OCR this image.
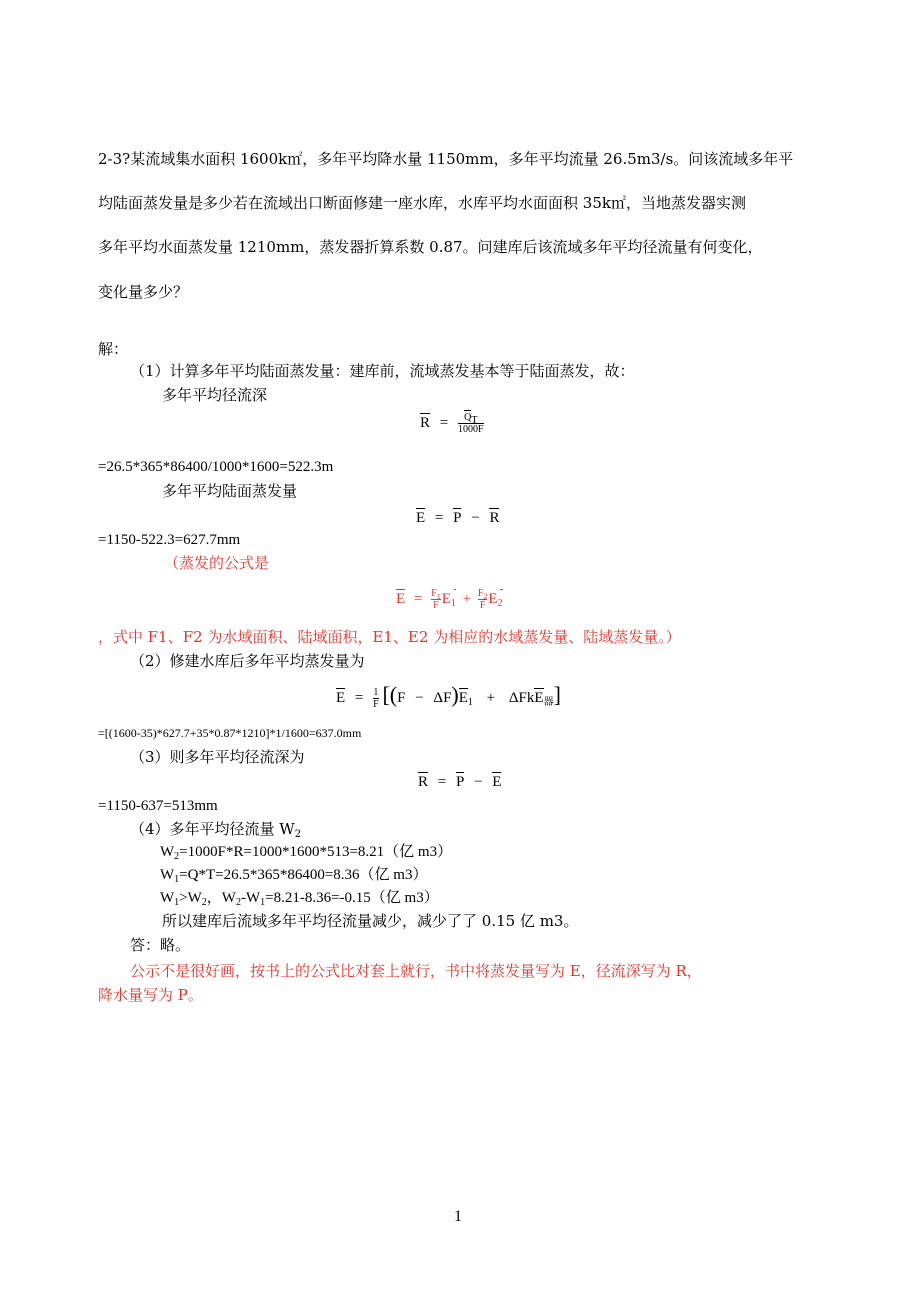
2-3?某流域集水面积 1600k㎡，多年平均降水量 1150mm，多年平均流量 26.5m3/s。问该流域多年平
均陆面蒸发量是多少若在流域出口断面修建一座水库，水库平均水面面积 35k㎡，当地蒸发器实测
多年平均水面蒸发量 1210mm，蒸发器折算系数 0.87。问建库后该流域多年平均径流量有何变化，
变化量多少？
解：
（1）计算多年平均陆面蒸发量：建库前，流域蒸发基本等于陆面蒸发，故：
多年平均径流深
$R = \frac{Q_T}{1000F}$
=26.5*365*86400/1000*1600=522.3m
多年平均陆面蒸发量
E = P − R
=1150-522.3=627.7mm
（蒸发的公式是
$E = \frac{F_1}{F} E_1 + \frac{F_2}{F} E_2$
，式中 F1、F2 为水域面积、陆域面积，E1、E2 为相应的水域蒸发量、陆域蒸发量。）
（2）修建水库后多年平均蒸发量为
$E = \frac{1}{F} [(F - \Delta F)$
$E_1 + \Delta Fk$
$E_器$]
=[(1600-35)*627.7+35*0.87*1210]*1/1600=637.0mm
（3）则多年平均径流深为
R = P − E
=1150-637=513mm
（4）多年平均径流量 $W_2$
$W_2=1000F*R=1000*1600*513=8.21$（亿 m3）
$W_1=Q*T=26.5*365*86400=8.36$（亿 m3）
$W_1>W_2$，$W_2-W_1=8.21-8.36=-0.15$（亿 m3）
所以建库后流域多年平均径流量减少，减少了了 0.15 亿 m3。
答：略。
公示不是很好画，按书上的公式比对套上就行，书中将蒸发量写为 E，径流深写为 R，
降水量写为 P。
1
